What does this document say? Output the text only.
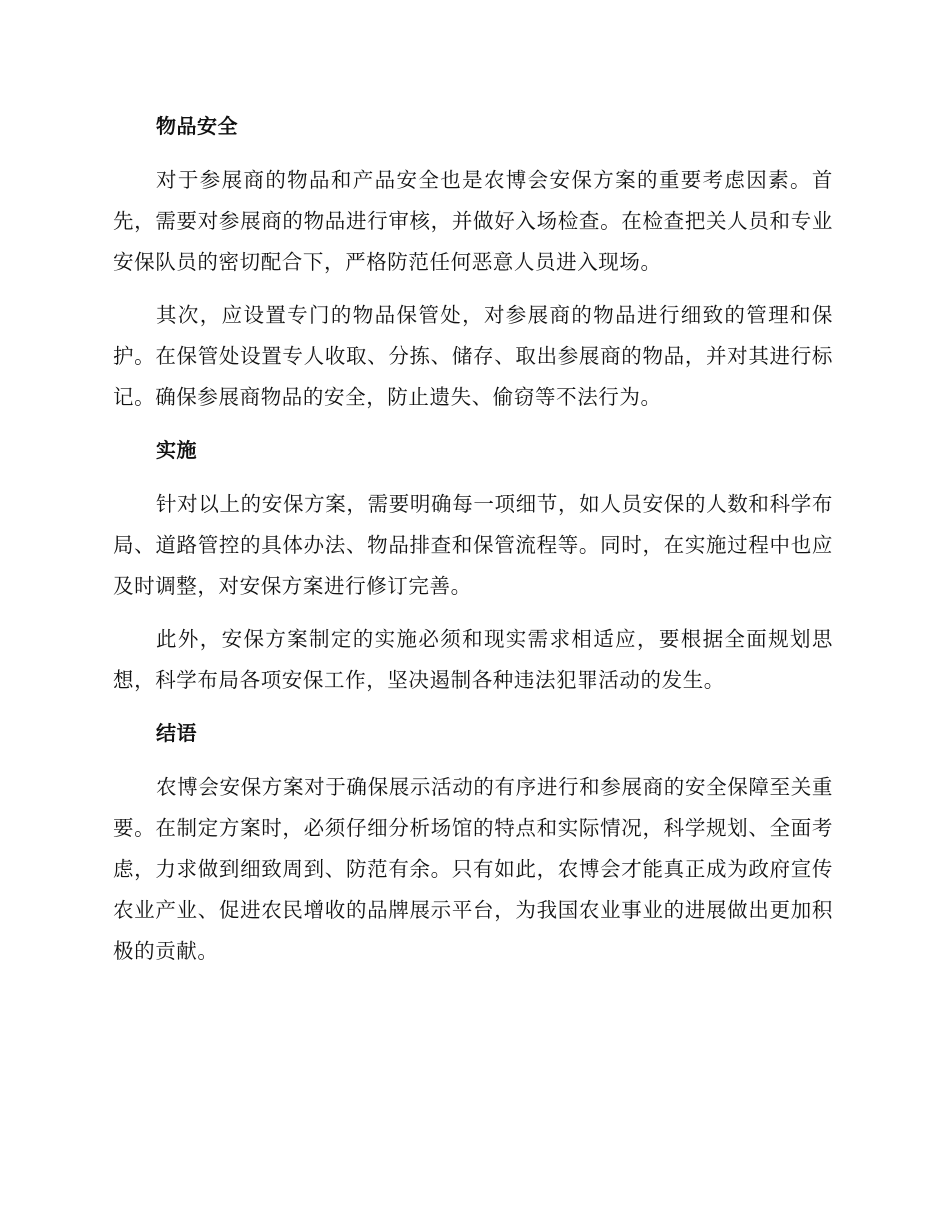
物品安全

对于参展商的物品和产品安全也是农博会安保方案的重要考虑因素。首先，需要对参展商的物品进行审核，并做好入场检查。在检查把关人员和专业安保队员的密切配合下，严格防范任何恶意人员进入现场。

其次，应设置专门的物品保管处，对参展商的物品进行细致的管理和保护。在保管处设置专人收取、分拣、储存、取出参展商的物品，并对其进行标记。确保参展商物品的安全，防止遗失、偷窃等不法行为。

实施

针对以上的安保方案，需要明确每一项细节，如人员安保的人数和科学布局、道路管控的具体办法、物品排查和保管流程等。同时，在实施过程中也应及时调整，对安保方案进行修订完善。

此外，安保方案制定的实施必须和现实需求相适应，要根据全面规划思想，科学布局各项安保工作，坚决遏制各种违法犯罪活动的发生。

结语

农博会安保方案对于确保展示活动的有序进行和参展商的安全保障至关重要。在制定方案时，必须仔细分析场馆的特点和实际情况，科学规划、全面考虑，力求做到细致周到、防范有余。只有如此，农博会才能真正成为政府宣传农业产业、促进农民增收的品牌展示平台，为我国农业事业的进展做出更加积极的贡献。
